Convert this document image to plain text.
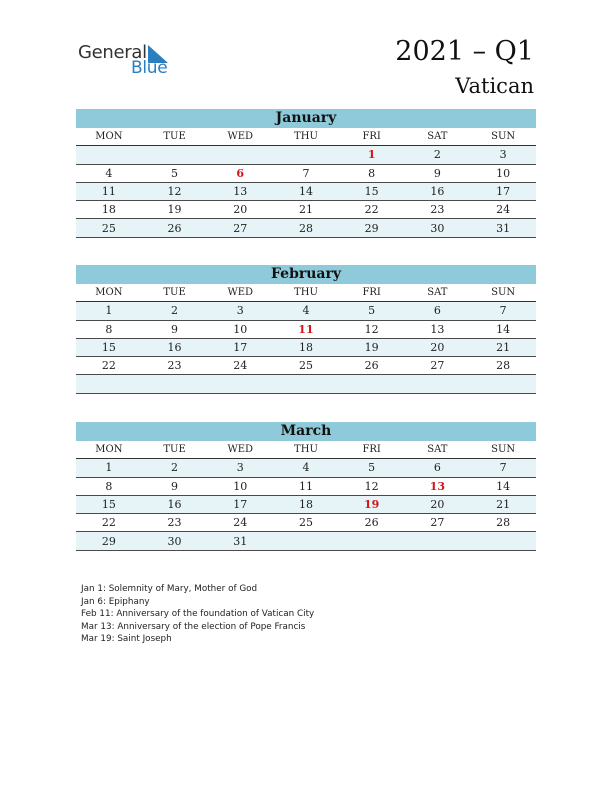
General
Blue
2021 – Q1
Vatican
January
MON	TUE	WED	THU	FRI	SAT	SUN
				1	2	3
4	5	6	7	8	9	10
11	12	13	14	15	16	17
18	19	20	21	22	23	24
25	26	27	28	29	30	31
February
MON	TUE	WED	THU	FRI	SAT	SUN
1	2	3	4	5	6	7
8	9	10	11	12	13	14
15	16	17	18	19	20	21
22	23	24	25	26	27	28

March
MON	TUE	WED	THU	FRI	SAT	SUN
1	2	3	4	5	6	7
8	9	10	11	12	13	14
15	16	17	18	19	20	21
22	23	24	25	26	27	28
29	30	31				
Jan 1: Solemnity of Mary, Mother of God
Jan 6: Epiphany
Feb 11: Anniversary of the foundation of Vatican City
Mar 13: Anniversary of the election of Pope Francis
Mar 19: Saint Joseph
